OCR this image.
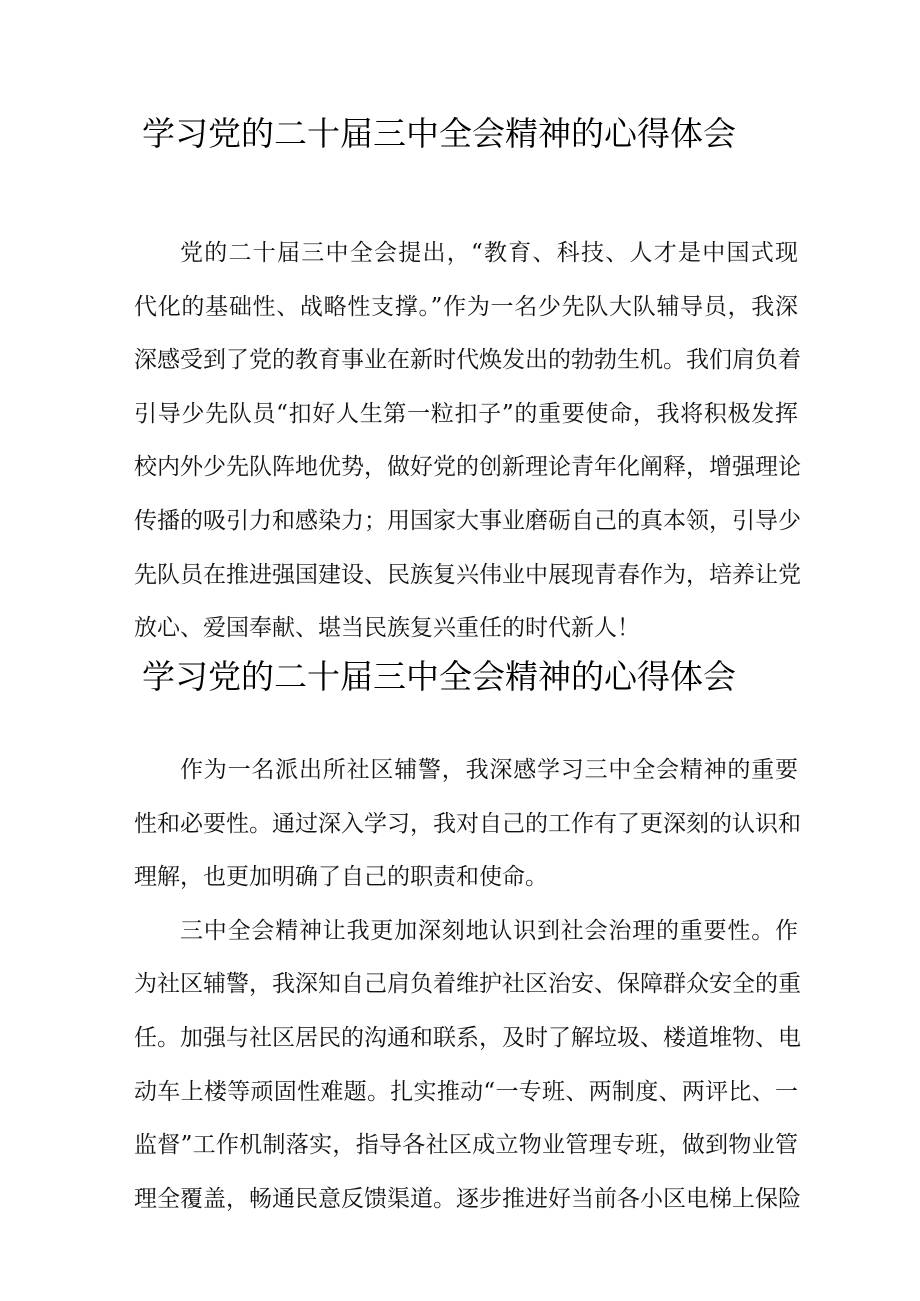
学习党的二十届三中全会精神的心得体会
党的二十届三中全会提出，“教育、科技、人才是中国式现
代化的基础性、战略性支撑。”作为一名少先队大队辅导员，我深
深感受到了党的教育事业在新时代焕发出的勃勃生机。我们肩负着
引导少先队员“扣好人生第一粒扣子”的重要使命，我将积极发挥
校内外少先队阵地优势，做好党的创新理论青年化阐释，增强理论
传播的吸引力和感染力；用国家大事业磨砺自己的真本领，引导少
先队员在推进强国建设、民族复兴伟业中展现青春作为，培养让党
放心、爱国奉献、堪当民族复兴重任的时代新人！
学习党的二十届三中全会精神的心得体会
作为一名派出所社区辅警，我深感学习三中全会精神的重要
性和必要性。通过深入学习，我对自己的工作有了更深刻的认识和
理解，也更加明确了自己的职责和使命。
三中全会精神让我更加深刻地认识到社会治理的重要性。作
为社区辅警，我深知自己肩负着维护社区治安、保障群众安全的重
任。加强与社区居民的沟通和联系，及时了解垃圾、楼道堆物、电
动车上楼等顽固性难题。扎实推动“一专班、两制度、两评比、一
监督”工作机制落实，指导各社区成立物业管理专班，做到物业管
理全覆盖，畅通民意反馈渠道。逐步推进好当前各小区电梯上保险
